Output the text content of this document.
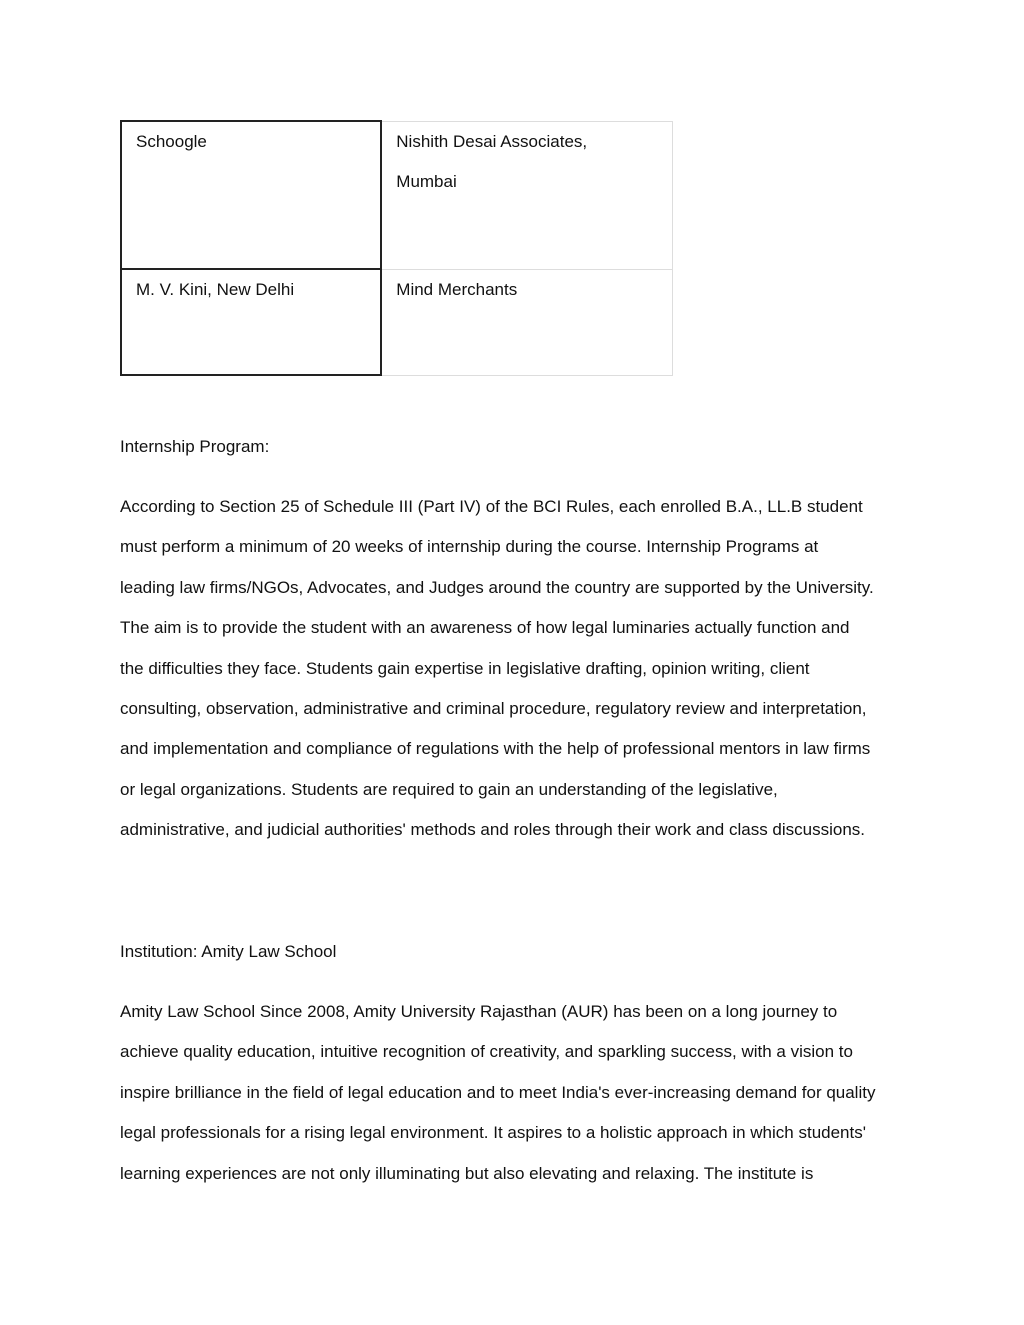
Schoogle	Nishith Desai Associates,
Mumbai

M. V. Kini, New Delhi	Mind Merchants

Internship Program:

According to Section 25 of Schedule III (Part IV) of the BCI Rules, each enrolled B.A., LL.B student
must perform a minimum of 20 weeks of internship during the course. Internship Programs at
leading law firms/NGOs, Advocates, and Judges around the country are supported by the University.
The aim is to provide the student with an awareness of how legal luminaries actually function and
the difficulties they face. Students gain expertise in legislative drafting, opinion writing, client
consulting, observation, administrative and criminal procedure, regulatory review and interpretation,
and implementation and compliance of regulations with the help of professional mentors in law firms
or legal organizations. Students are required to gain an understanding of the legislative,
administrative, and judicial authorities' methods and roles through their work and class discussions.

Institution: Amity Law School

Amity Law School Since 2008, Amity University Rajasthan (AUR) has been on a long journey to
achieve quality education, intuitive recognition of creativity, and sparkling success, with a vision to
inspire brilliance in the field of legal education and to meet India's ever-increasing demand for quality
legal professionals for a rising legal environment. It aspires to a holistic approach in which students'
learning experiences are not only illuminating but also elevating and relaxing. The institute is
